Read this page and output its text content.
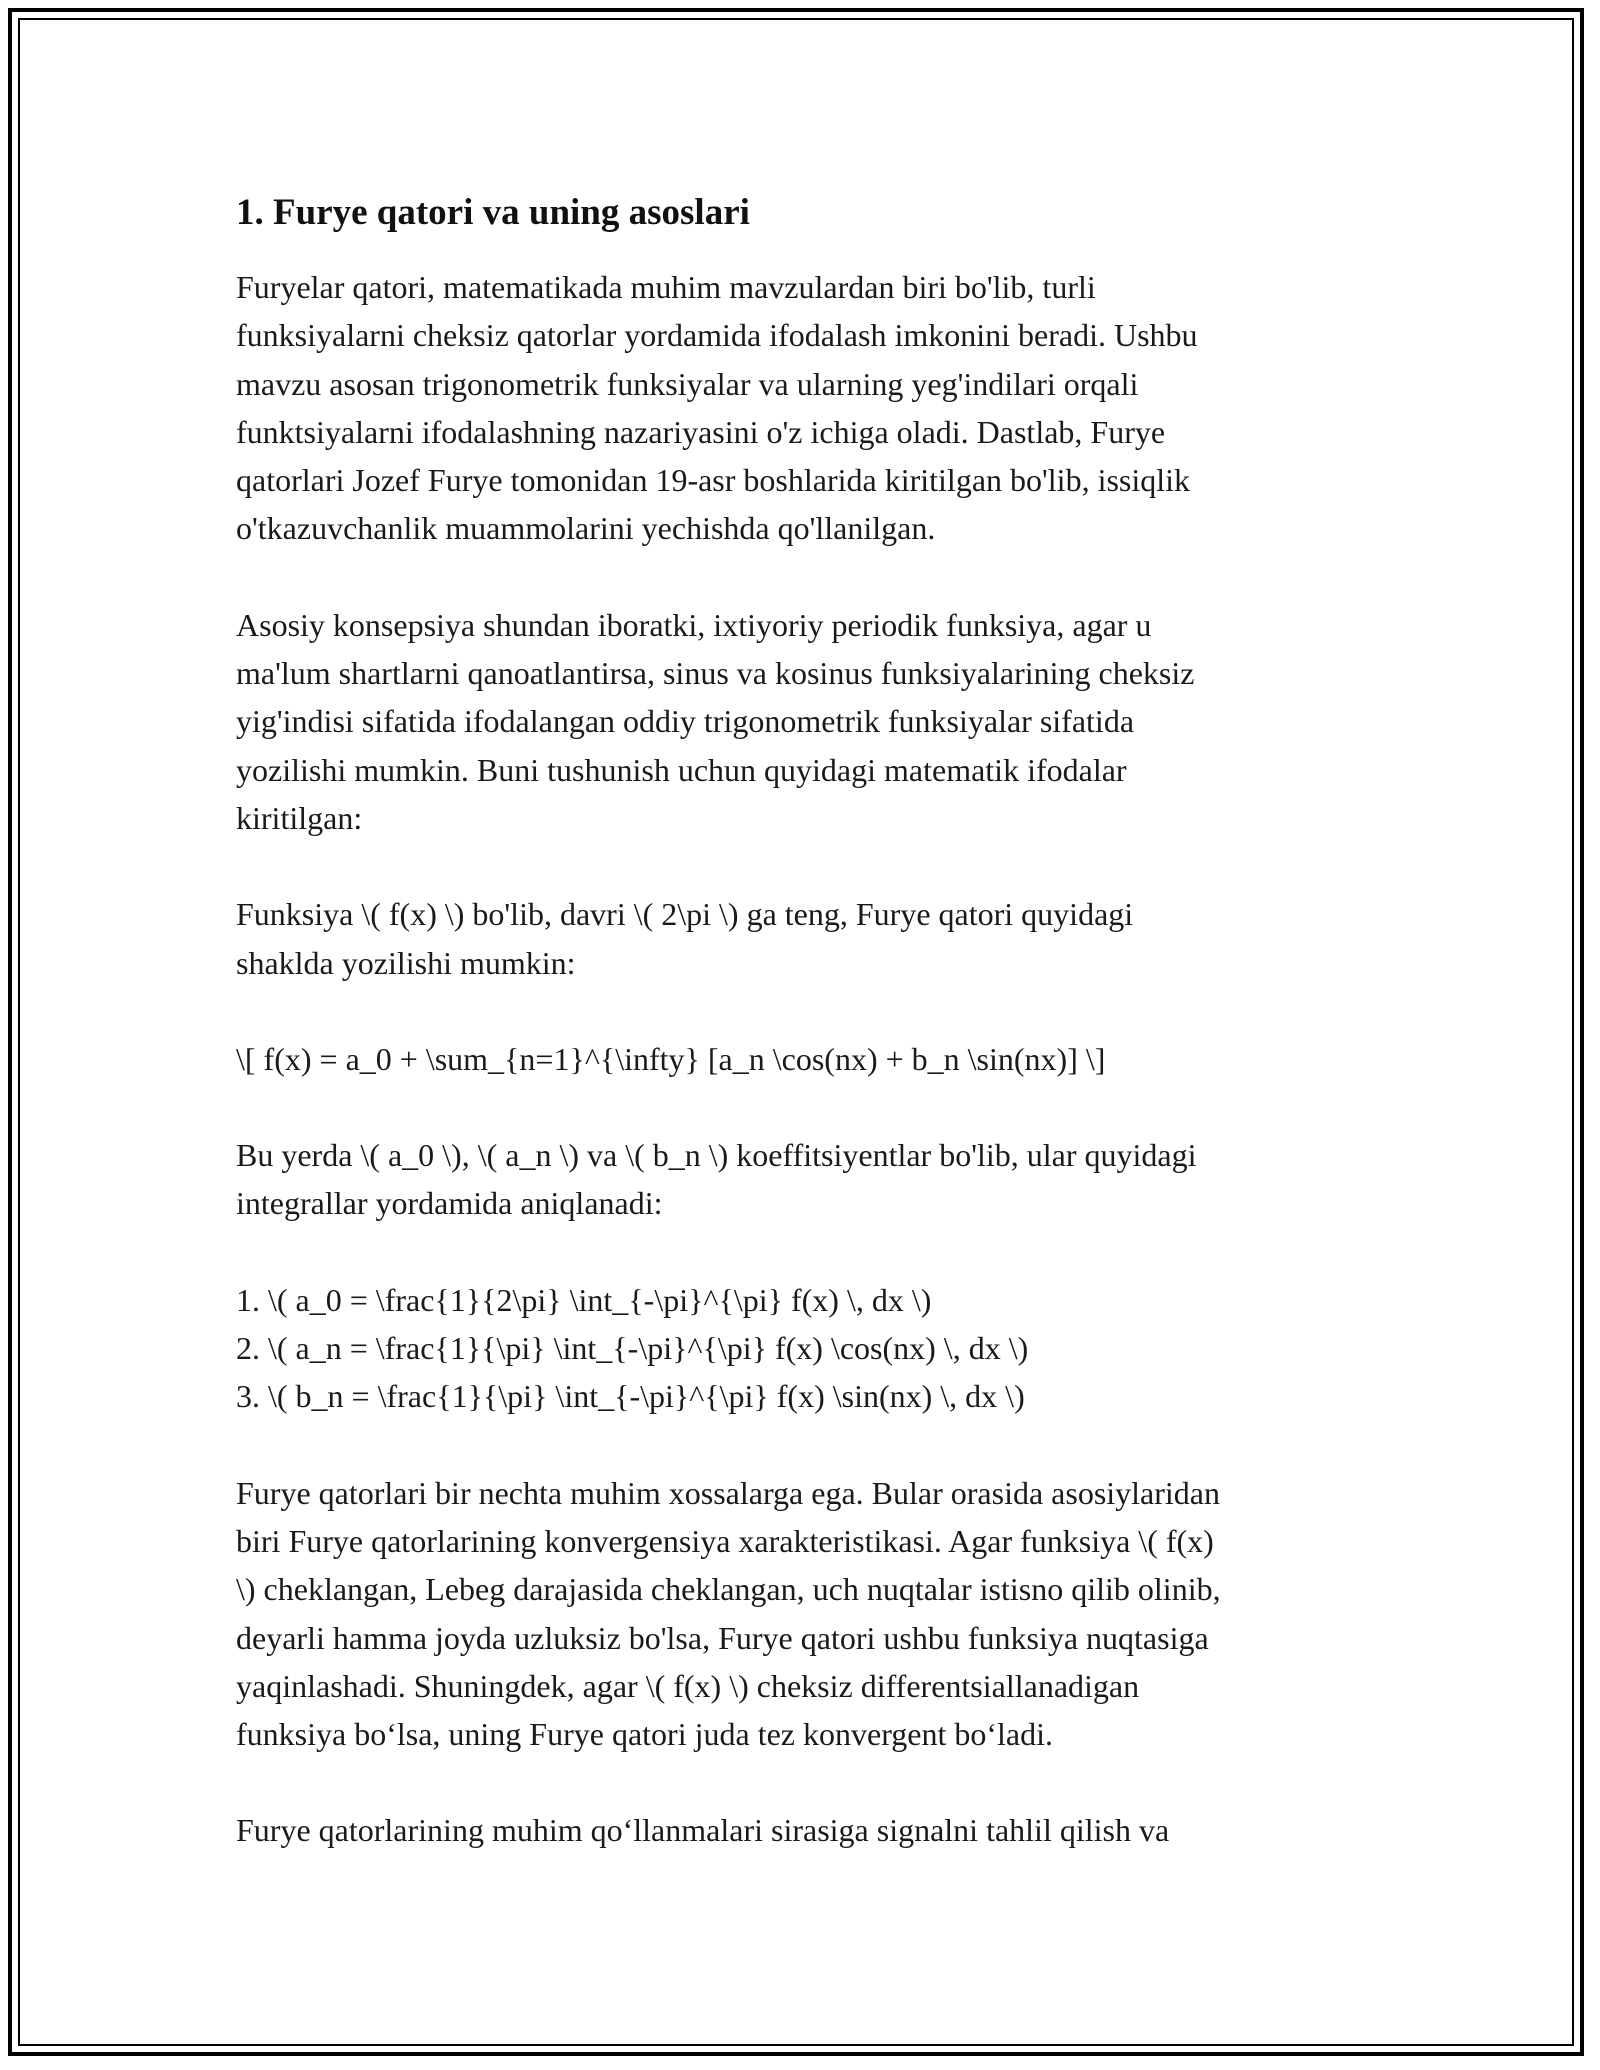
1. Furye qatori va uning asoslari

Furyelar qatori, matematikada muhim mavzulardan biri bo'lib, turli
funksiyalarni cheksiz qatorlar yordamida ifodalash imkonini beradi. Ushbu
mavzu asosan trigonometrik funksiyalar va ularning yeg'indilari orqali
funktsiyalarni ifodalashning nazariyasini o'z ichiga oladi. Dastlab, Furye
qatorlari Jozef Furye tomonidan 19-asr boshlarida kiritilgan bo'lib, issiqlik
o'tkazuvchanlik muammolarini yechishda qo'llanilgan.

Asosiy konsepsiya shundan iboratki, ixtiyoriy periodik funksiya, agar u
ma'lum shartlarni qanoatlantirsa, sinus va kosinus funksiyalarining cheksiz
yig'indisi sifatida ifodalangan oddiy trigonometrik funksiyalar sifatida
yozilishi mumkin. Buni tushunish uchun quyidagi matematik ifodalar
kiritilgan:

Funksiya \( f(x) \) bo'lib, davri \( 2\pi \) ga teng, Furye qatori quyidagi
shakldа yozilishi mumkin:

\[ f(x) = a_0 + \sum_{n=1}^{\infty} [a_n \cos(nx) + b_n \sin(nx)] \]

Bu yerda \( a_0 \), \( a_n \) va \( b_n \) koeffitsiyentlar bo'lib, ular quyidagi
integrallar yordamida aniqlanadi:

1. \( a_0 = \frac{1}{2\pi} \int_{-\pi}^{\pi} f(x) \, dx \)
2. \( a_n = \frac{1}{\pi} \int_{-\pi}^{\pi} f(x) \cos(nx) \, dx \)
3. \( b_n = \frac{1}{\pi} \int_{-\pi}^{\pi} f(x) \sin(nx) \, dx \)

Furye qatorlari bir nechta muhim xossalarga ega. Bular orasida asosiylaridan
biri Furye qatorlarining konvergensiya xarakteristikasi. Agar funksiya \( f(x)
\) cheklangan, Lebeg darajasida cheklangan, uch nuqtalar istisno qilib olinib,
deyarli hamma joyda uzluksiz bo'lsa, Furye qatori ushbu funksiya nuqtasiga
yaqinlashadi. Shuningdek, agar \( f(x) \) cheksiz differentsiallanadigan
funksiya bo‘lsa, uning Furye qatori juda tez konvergent bo‘ladi.

Furye qatorlarining muhim qo‘llanmalari sirasiga signalni tahlil qilish va
